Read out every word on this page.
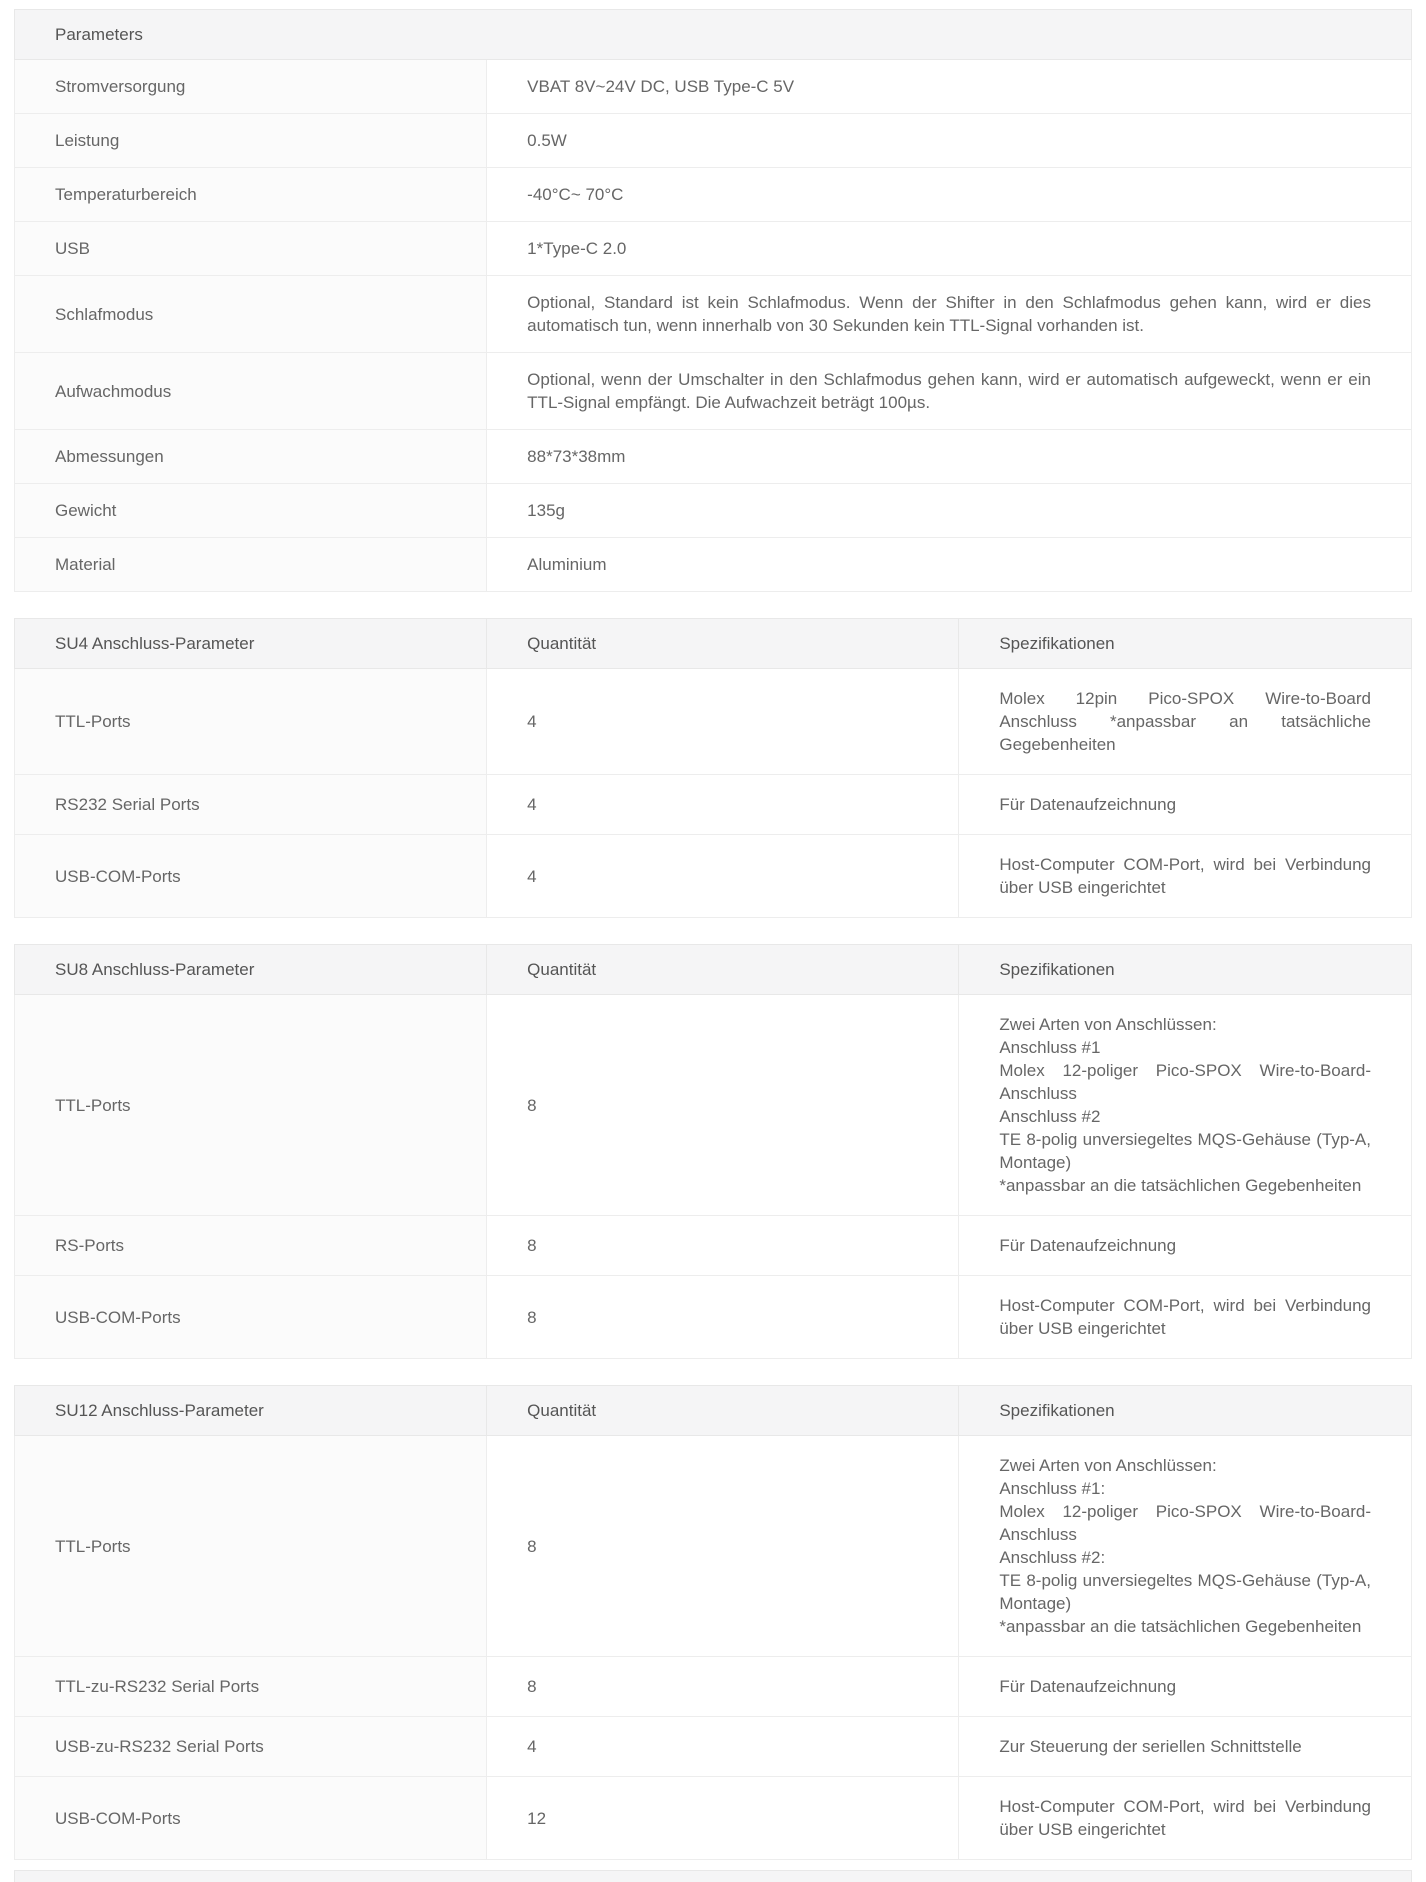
Parameters	
Stromversorgung	VBAT 8V~24V DC, USB Type-C 5V
Leistung	0.5W
Temperaturbereich	-40°C~ 70°C
USB	1*Type-C 2.0
Schlafmodus	Optional, Standard ist kein Schlafmodus. Wenn der Shifter in den Schlafmodus gehen kann, wird er dies automatisch tun, wenn innerhalb von 30 Sekunden kein TTL-Signal vorhanden ist.
Aufwachmodus	Optional, wenn der Umschalter in den Schlafmodus gehen kann, wird er automatisch aufgeweckt, wenn er ein TTL-Signal empfängt. Die Aufwachzeit beträgt 100µs.
Abmessungen	88*73*38mm
Gewicht	135g
Material	Aluminium
SU4 Anschluss-Parameter	Quantität	Spezifikationen
TTL-Ports	4	Molex 12pin Pico-SPOX Wire-to-Board Anschluss *anpassbar an tatsächliche Gegebenheiten

RS232 Serial Ports	4	Für Datenaufzeichnung

USB-COM-Ports	4	Host-Computer COM-Port, wird bei Verbindung über USB eingerichtet
SU8 Anschluss-Parameter	Quantität	Spezifikationen
TTL-Ports	8	
Zwei Arten von Anschlüssen:
Anschluss #1
Molex 12-poliger Pico-SPOX Wire-to-Board-Anschluss
Anschluss #2
TE 8-polig unversiegeltes MQS-Gehäuse (Typ-A, Montage)
*anpassbar an die tatsächlichen Gegebenheiten

RS-Ports	8	Für Datenaufzeichnung

USB-COM-Ports	8	Host-Computer COM-Port, wird bei Verbindung über USB eingerichtet
SU12 Anschluss-Parameter	Quantität	Spezifikationen
TTL-Ports	8	
Zwei Arten von Anschlüssen:
Anschluss #1:
Molex 12-poliger Pico-SPOX Wire-to-Board-Anschluss
Anschluss #2:
TE 8-polig unversiegeltes MQS-Gehäuse (Typ-A, Montage)
*anpassbar an die tatsächlichen Gegebenheiten

TTL-zu-RS232 Serial Ports	8	Für Datenaufzeichnung

USB-zu-RS232 Serial Ports	4	Zur Steuerung der seriellen Schnittstelle

USB-COM-Ports	12	Host-Computer COM-Port, wird bei Verbindung über USB eingerichtet
